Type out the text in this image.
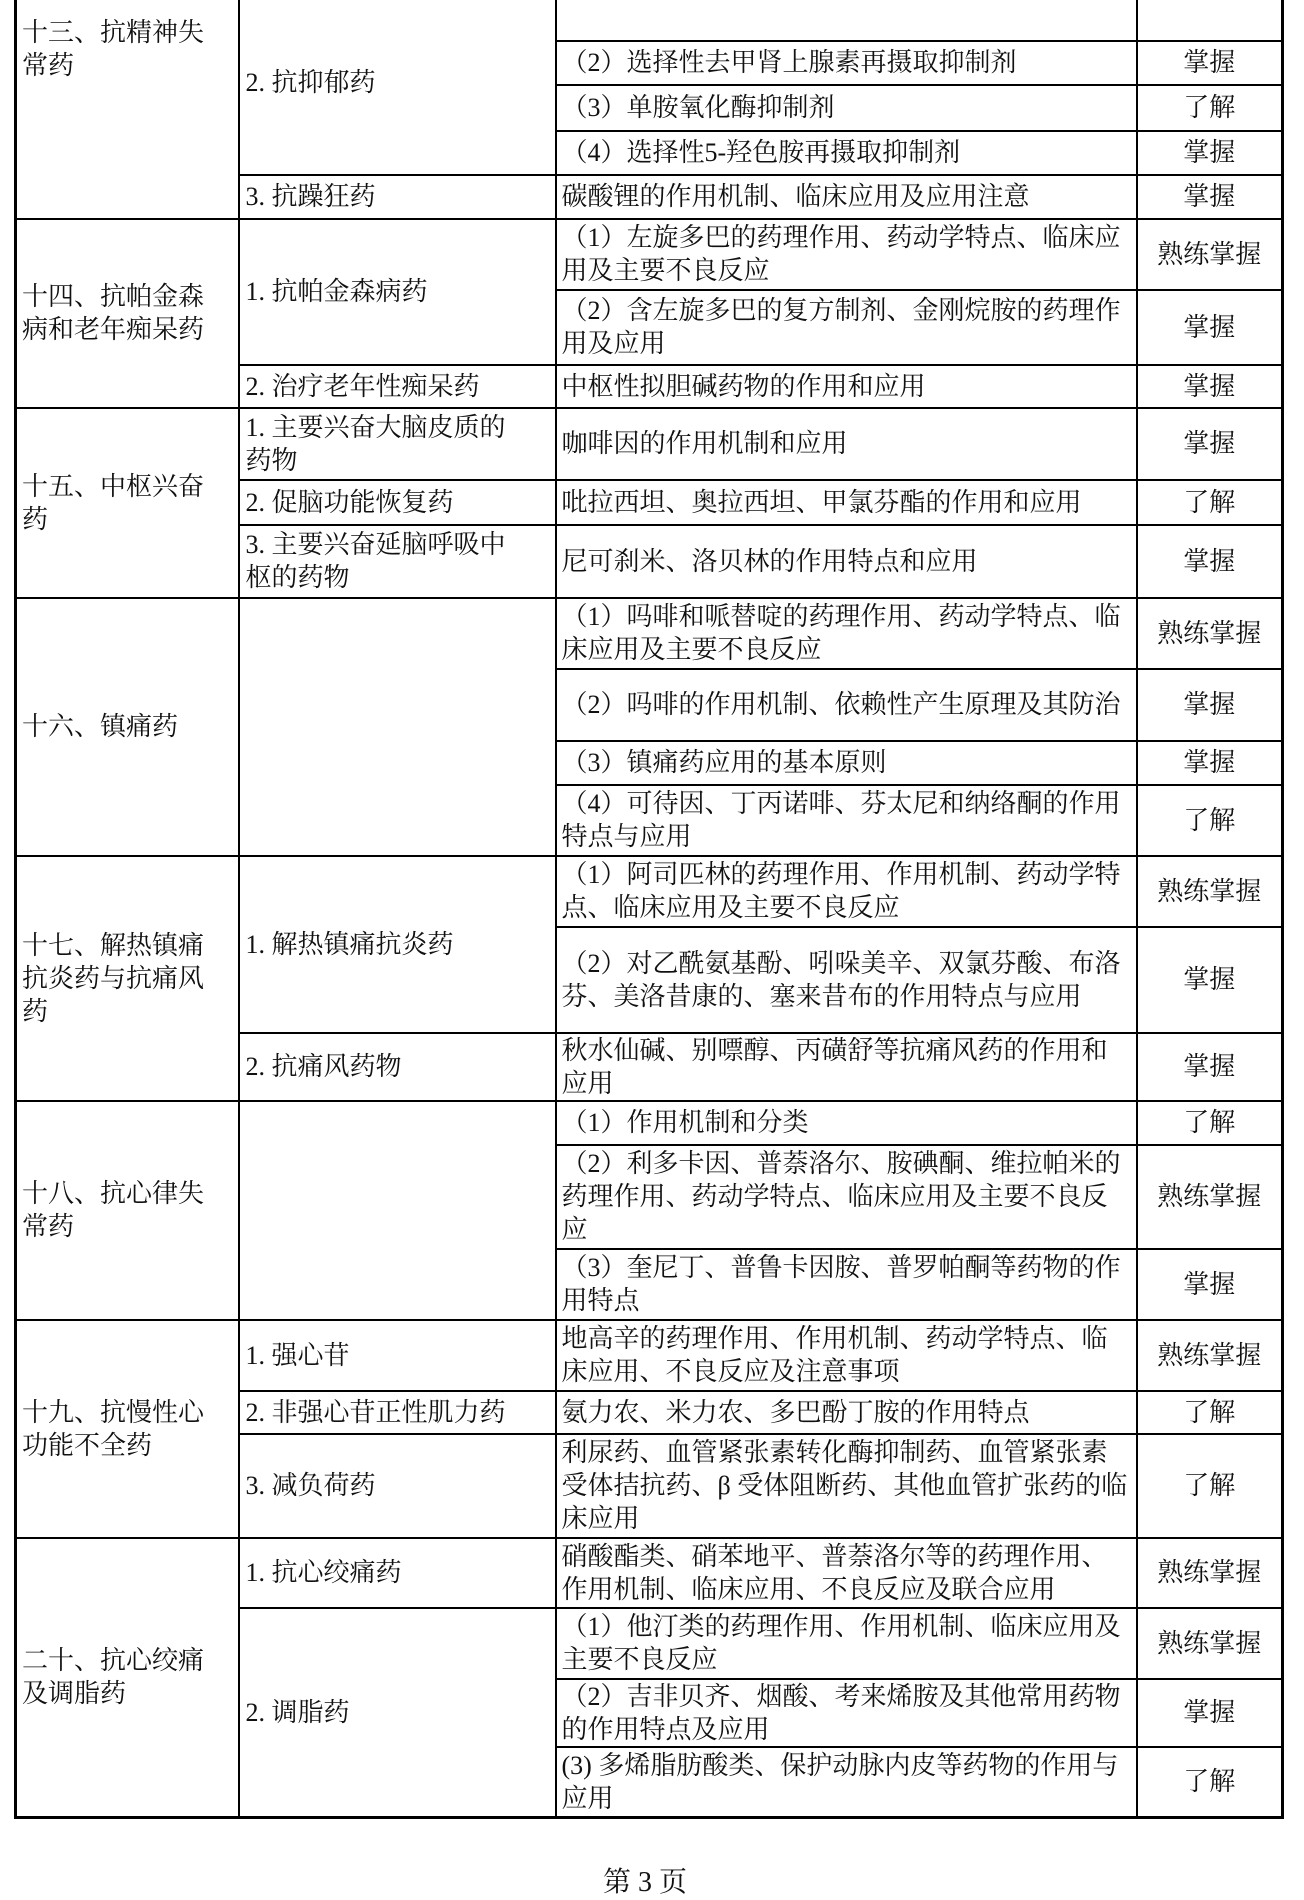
十三、抗精神失常药	2. 抗抑郁药		
		（2）选择性去甲肾上腺素再摄取抑制剂	掌握
		（3）单胺氧化酶抑制剂	了解
		（4）选择性5-羟色胺再摄取抑制剂	掌握
	3. 抗躁狂药	碳酸锂的作用机制、临床应用及应用注意	掌握
十四、抗帕金森病和老年痴呆药	1. 抗帕金森病药	（1）左旋多巴的药理作用、药动学特点、临床应用及主要不良反应	熟练掌握
		（2）含左旋多巴的复方制剂、金刚烷胺的药理作用及应用	掌握
	2. 治疗老年性痴呆药	中枢性拟胆碱药物的作用和应用	掌握
十五、中枢兴奋药	1. 主要兴奋大脑皮质的药物	咖啡因的作用机制和应用	掌握
	2. 促脑功能恢复药	吡拉西坦、奥拉西坦、甲氯芬酯的作用和应用	了解
	3. 主要兴奋延脑呼吸中枢的药物	尼可刹米、洛贝林的作用特点和应用	掌握
十六、镇痛药		（1）吗啡和哌替啶的药理作用、药动学特点、临床应用及主要不良反应	熟练掌握
		（2）吗啡的作用机制、依赖性产生原理及其防治	掌握
		（3）镇痛药应用的基本原则	掌握
		（4）可待因、丁丙诺啡、芬太尼和纳络酮的作用特点与应用	了解
十七、解热镇痛抗炎药与抗痛风药	1. 解热镇痛抗炎药	（1）阿司匹林的药理作用、作用机制、药动学特点、临床应用及主要不良反应	熟练掌握
		（2）对乙酰氨基酚、吲哚美辛、双氯芬酸、布洛芬、美洛昔康的、塞来昔布的作用特点与应用	掌握
	2. 抗痛风药物	秋水仙碱、别嘌醇、丙磺舒等抗痛风药的作用和应用	掌握
十八、抗心律失常药		（1）作用机制和分类	了解
		（2）利多卡因、普萘洛尔、胺碘酮、维拉帕米的药理作用、药动学特点、临床应用及主要不良反应	熟练掌握
		（3）奎尼丁、普鲁卡因胺、普罗帕酮等药物的作用特点	掌握
十九、抗慢性心功能不全药	1. 强心苷	地高辛的药理作用、作用机制、药动学特点、临床应用、不良反应及注意事项	熟练掌握
	2. 非强心苷正性肌力药	氨力农、米力农、多巴酚丁胺的作用特点	了解
	3. 减负荷药	利尿药、血管紧张素转化酶抑制药、血管紧张素受体拮抗药、β 受体阻断药、其他血管扩张药的临床应用	了解
二十、抗心绞痛及调脂药	1. 抗心绞痛药	硝酸酯类、硝苯地平、普萘洛尔等的药理作用、作用机制、临床应用、不良反应及联合应用	熟练掌握
	2. 调脂药	（1）他汀类的药理作用、作用机制、临床应用及主要不良反应	熟练掌握
		（2）吉非贝齐、烟酸、考来烯胺及其他常用药物的作用特点及应用	掌握
		(3) 多烯脂肪酸类、保护动脉内皮等药物的作用与应用	了解
第 3 页
